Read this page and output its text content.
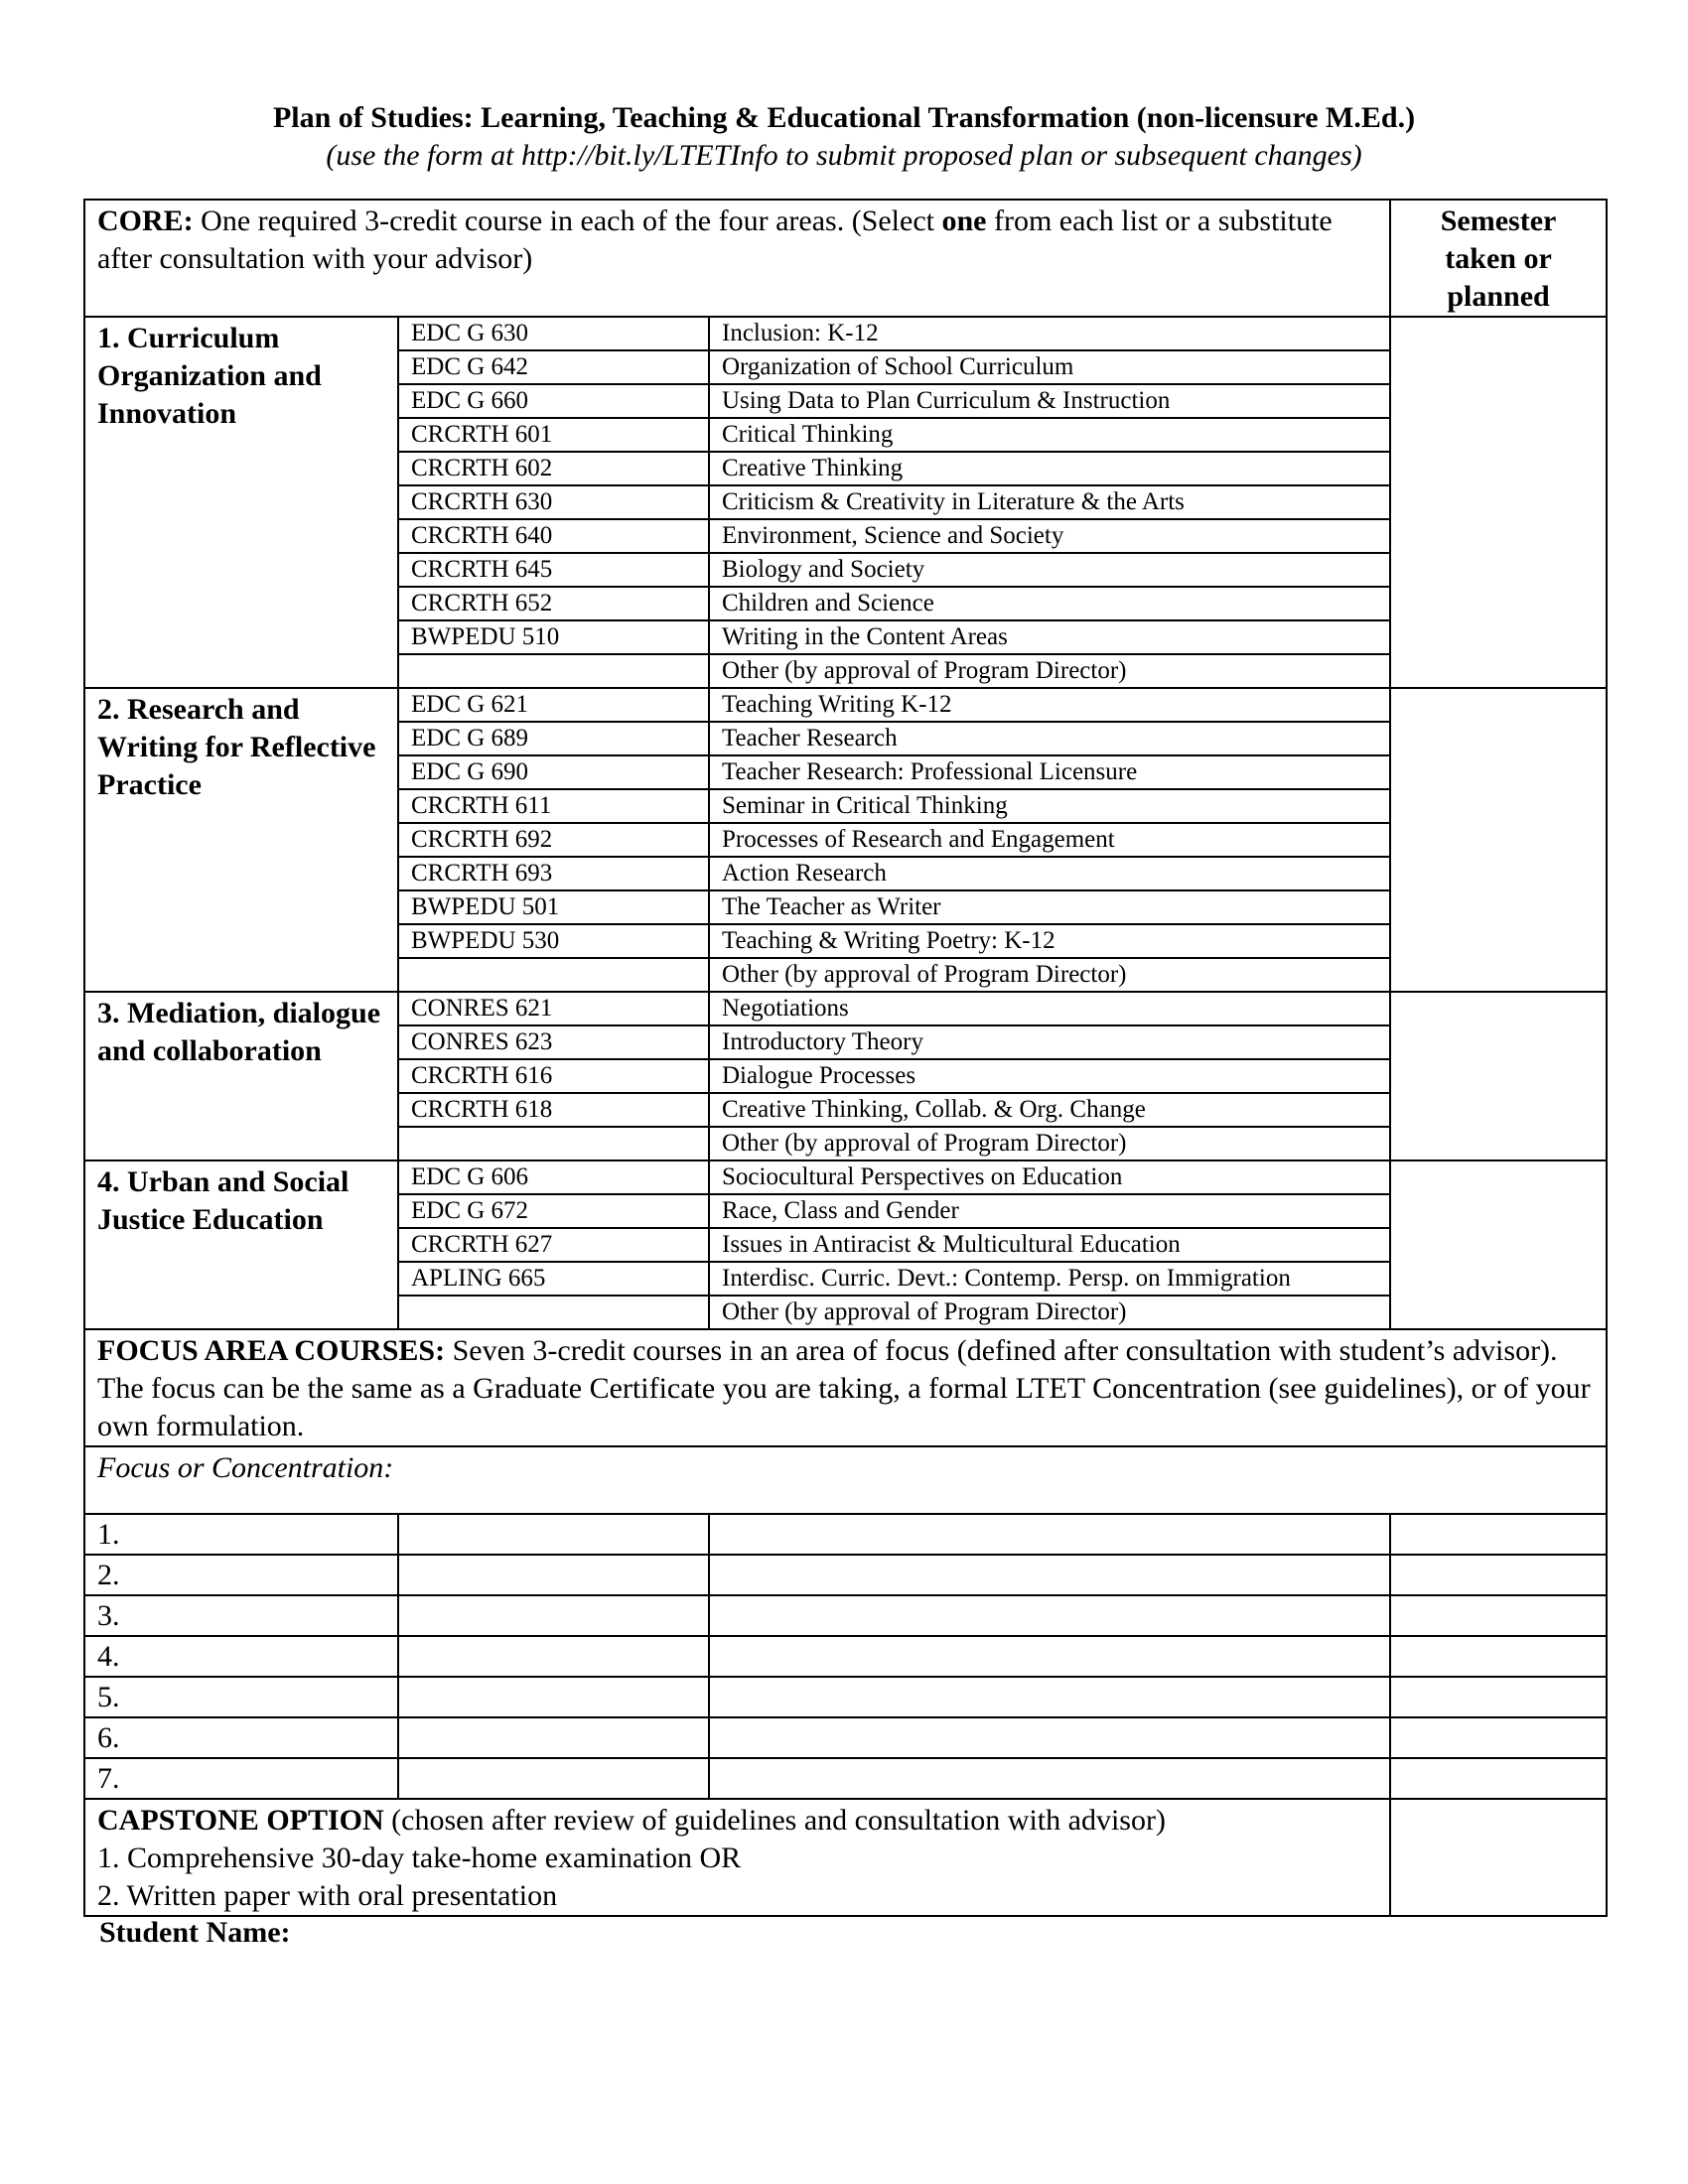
Plan of Studies: Learning, Teaching & Educational Transformation (non-licensure M.Ed.)
(use the form at http://bit.ly/LTETInfo to submit proposed plan or subsequent changes)
CORE: One required 3-credit course in each of the four areas. (Select one from each list or a substitute after consultation with your advisor)			Semester taken or planned
1. Curriculum Organization and Innovation	EDC G 630	Inclusion: K-12	
	EDC G 642	Organization of School Curriculum	
	EDC G 660	Using Data to Plan Curriculum & Instruction	
	CRCRTH 601	Critical Thinking	
	CRCRTH 602	Creative Thinking	
	CRCRTH 630	Criticism & Creativity in Literature & the Arts	
	CRCRTH 640	Environment, Science and Society	
	CRCRTH 645	Biology and Society	
	CRCRTH 652	Children and Science	
	BWPEDU 510	Writing in the Content Areas	
		Other (by approval of Program Director)	
2. Research and Writing for Reflective Practice	EDC G 621	Teaching Writing K-12	
	EDC G 689	Teacher Research	
	EDC G 690	Teacher Research: Professional Licensure	
	CRCRTH 611	Seminar in Critical Thinking	
	CRCRTH 692	Processes of Research and Engagement	
	CRCRTH 693	Action Research	
	BWPEDU 501	The Teacher as Writer	
	BWPEDU 530	Teaching & Writing Poetry: K-12	
		Other (by approval of Program Director)	
3. Mediation, dialogue and collaboration	CONRES 621	Negotiations	
	CONRES 623	Introductory Theory	
	CRCRTH 616	Dialogue Processes	
	CRCRTH 618	Creative Thinking, Collab. & Org. Change	
		Other (by approval of Program Director)	
4. Urban and Social Justice Education	EDC G 606	Sociocultural Perspectives on Education	
	EDC G 672	Race, Class and Gender	
	CRCRTH 627	Issues in Antiracist & Multicultural Education	
	APLING 665	Interdisc. Curric. Devt.: Contemp. Persp. on Immigration	
		Other (by approval of Program Director)	
FOCUS AREA COURSES: Seven 3-credit courses in an area of focus (defined after consultation with student’s advisor). The focus can be the same as a Graduate Certificate you are taking, a formal LTET Concentration (see guidelines), or of your own formulation.			
Focus or Concentration:			
1.			
2.			
3.			
4.			
5.			
6.			
7.			
CAPSTONE OPTION (chosen after review of guidelines and consultation with advisor)
1. Comprehensive 30-day take-home examination OR
2. Written paper with oral presentation			
Student Name:
